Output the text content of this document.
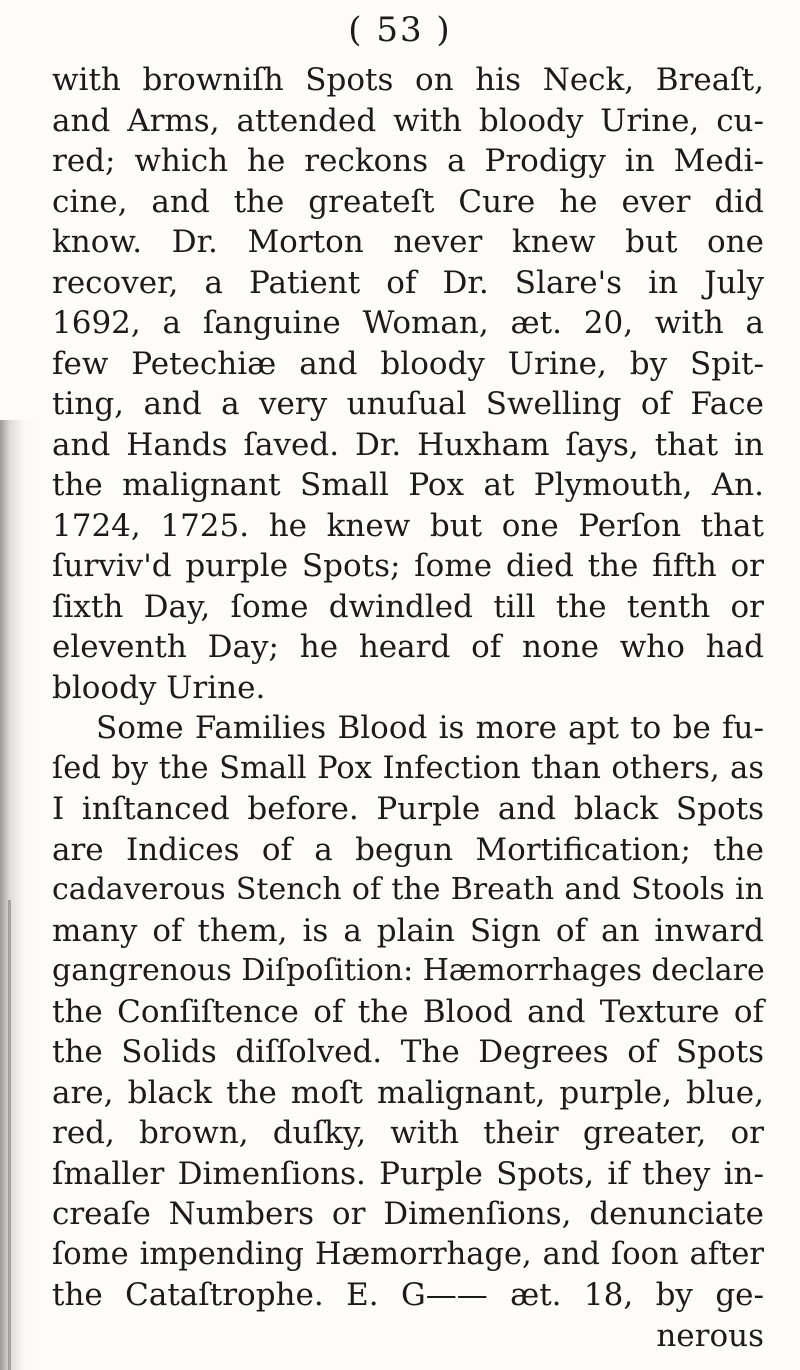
( 53 )
with browniſh Spots on his Neck, Breaſt,
and Arms, attended with bloody Urine, cu-
red; which he reckons a Prodigy in Medi-
cine, and the greateſt Cure he ever did
know. Dr. Morton never knew but one
recover, a Patient of Dr. Slare's in July
1692, a ſanguine Woman, æt. 20, with a
few Petechiæ and bloody Urine, by Spit-
ting, and a very unuſual Swelling of Face
and Hands ſaved. Dr. Huxham ſays, that in
the malignant Small Pox at Plymouth, An.
1724, 1725. he knew but one Perſon that
ſurviv'd purple Spots; ſome died the fifth or
ſixth Day, ſome dwindled till the tenth or
eleventh Day; he heard of none who had
bloody Urine.
Some Families Blood is more apt to be fu-
ſed by the Small Pox Infection than others, as
I inſtanced before. Purple and black Spots
are Indices of a begun Mortification; the
cadaverous Stench of the Breath and Stools in
many of them, is a plain Sign of an inward
gangrenous Diſpoſition: Hæmorrhages declare
the Conſiſtence of the Blood and Texture of
the Solids diſſolved. The Degrees of Spots
are, black the moſt malignant, purple, blue,
red, brown, duſky, with their greater, or
ſmaller Dimenſions. Purple Spots, if they in-
creaſe Numbers or Dimenſions, denunciate
ſome impending Hæmorrhage, and ſoon after
the Cataſtrophe. E. G—— æt. 18, by ge-
nerous
